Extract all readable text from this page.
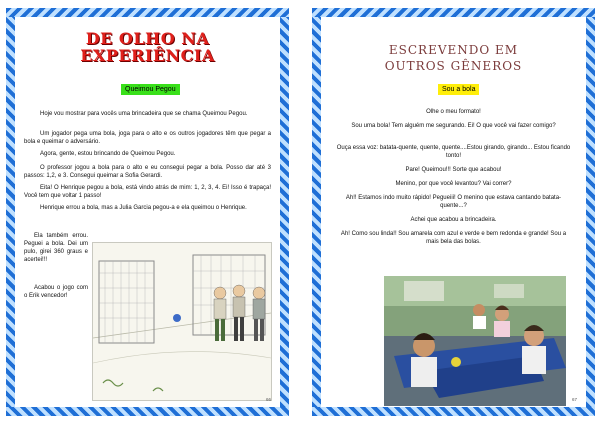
DE OLHO NA EXPERIÊNCIA
Queimou Pegou
Hoje vou mostrar para vocês uma brincadeira que se chama Queimou Pegou.
Um jogador pega uma bola, joga para o alto e os outros jogadores têm que pegar a bola e queimar o adversário.
Agora, gente, estou brincando de Queimou Pegou.
O professor jogou a bola para o alto e eu consegui pegar a bola. Posso dar até 3 passos: 1,2, e 3. Consegui queimar a Sofia Gerardi.
Eita! O Henrique pegou a bola, está vindo atrás de mim: 1, 2, 3, 4. Ei! Isso é trapaça! Você tem que voltar 1 passo!
Henrique errou a bola, mas a Julia Garcia pegou-a e ela queimou o Henrique.
Ela também errou. Peguei a bola. Dei um pulo, girei 360 graus e acertei!!!
Acabou o jogo com o Erik vencedor!
66
ESCREVENDO EM OUTROS GÊNEROS
Sou a bola
Olhe o meu formato!
Sou uma bola! Tem alguém me segurando. Ei! O que você vai fazer comigo?
Ouça essa voz: batata-quente, quente, quente....Estou girando, girando... Estou ficando tonto!
Pare! Queimou!!! Sorte que acabou!
Menino, por que você levantou? Vai correr?
Ah!! Estamos indo muito rápido! Pegueiii! O menino que estava cantando batata-quente...?
Achei que acabou a brincadeira.
Ah! Como sou linda!! Sou amarela com azul e verde e bem redonda e grande! Sou a mais bela das bolas.
67
